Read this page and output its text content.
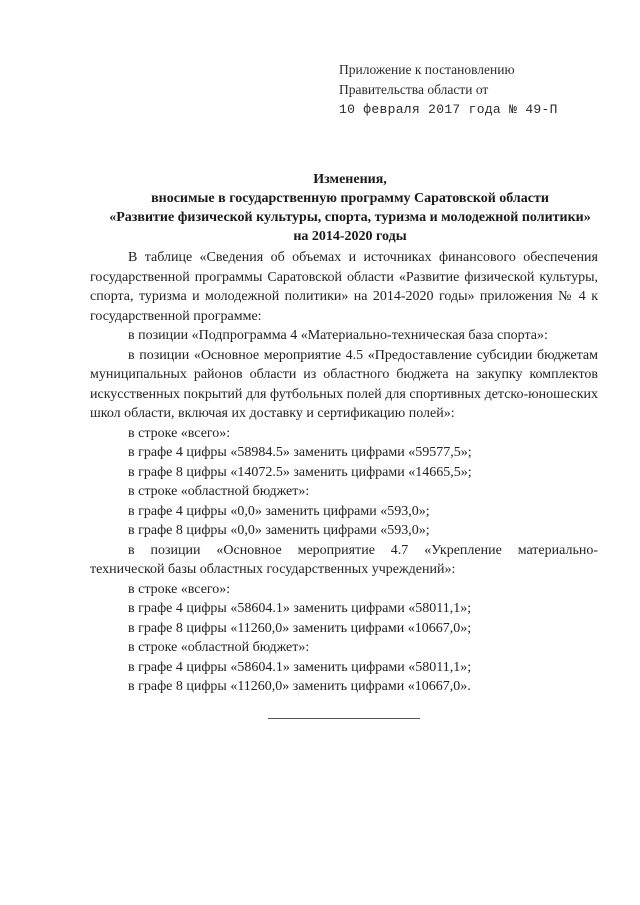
Приложение к постановлению
Правительства области от
10 февраля 2017 года № 49-П
Изменения,
вносимые в государственную программу Саратовской области
«Развитие физической культуры, спорта, туризма и молодежной политики»
на 2014-2020 годы

В таблице «Сведения об объемах и источниках финансового обеспечения государственной программы Саратовской области «Развитие физической культуры, спорта, туризма и молодежной политики» на 2014-2020 годы» приложения № 4 к государственной программе:

в позиции «Подпрограмма 4 «Материально-техническая база спорта»:

в позиции «Основное мероприятие 4.5 «Предоставление субсидии бюджетам муниципальных районов области из областного бюджета на закупку комплектов искусственных покрытий для футбольных полей для спортивных детско-юношеских школ области, включая их доставку и сертификацию полей»:

в строке «всего»:

в графе 4 цифры «58984.5» заменить цифрами «59577,5»;

в графе 8 цифры «14072.5» заменить цифрами «14665,5»;

в строке «областной бюджет»:

в графе 4 цифры «0,0» заменить цифрами «593,0»;

в графе 8 цифры «0,0» заменить цифрами «593,0»;

в позиции «Основное мероприятие 4.7 «Укрепление материально-технической базы областных государственных учреждений»:

в строке «всего»:

в графе 4 цифры «58604.1» заменить цифрами «58011,1»;

в графе 8 цифры «11260,0» заменить цифрами «10667,0»;

в строке «областной бюджет»:

в графе 4 цифры «58604.1» заменить цифрами «58011,1»;

в графе 8 цифры «11260,0» заменить цифрами «10667,0».
